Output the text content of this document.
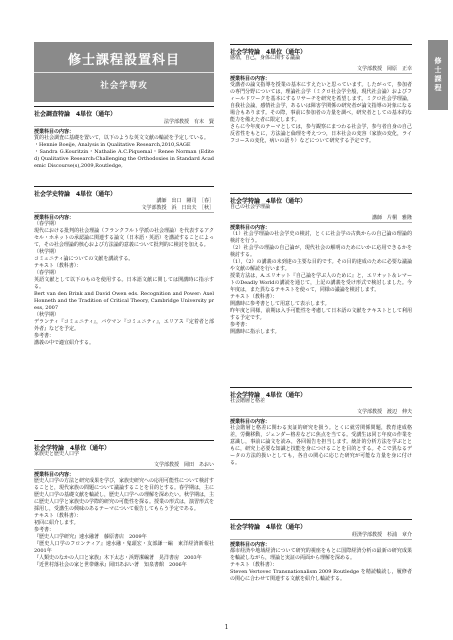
修士課程設置科目
社会学専攻	修士課程
社会調査特論　4単位（通年）
法学部教授　有末　賢
授業科目の内容：

質的社会調査に基礎を置いて，以下のような英文文献の輪読を予定している。

・Hennie Boeije, Analysis in Qualitative Research,2010,SAGE

・Sandra G.Kouritzin・Nathalie A.C.Piquemal・Renee Norman (Edited) Qualitative Research:Challenging the Orthodoxies in Standard Academic Discourse(s),2009,Routledge,

社会学史特論　4単位（通年）
講師　出口　剛司　［春］
文学部教授　浜　日出夫　［秋］
授業科目の内容：

（春学期）

現代における批判的社会理論（フランクフルト学派の社会理論）を代表するアクセル・ホネットの承認論に関連する論文（日本語・英語）を講読することによって，その社会理論的核心および方法論的意義について批判的に検討を加える。

（秋学期）

コミュニティ論についての文献を講読する。

テキスト（教科書）：

（春学期）

英語文献として以下のものを使用する。日本語文献に関しては開講時に指示する。

Bert van den Brink and David Owen eds. Recognition and Power: Axel Honneth and the Tradition of Critical Theory, Cambridge University press, 2007

（秋学期）

デランティ『コミュニティ』，バウマン『コミュニティ』，エリアス『定着者と部外者』などを予定。

参考書：

講義の中で適宜紹介する。

社会学特論　4単位（通年）
家族史と歴史人口学
文学部教授　岡田　あおい
授業科目の内容：

歴史人口学の方法と研究成果を学び，家族史研究への応用可能性について検討することと，現代家族の問題について議論することを目的とする。春学期は，主に歴史人口学の基礎文献を輪読し，歴史人口学への理解を深めたい。秋学期は，主に歴史人口学と家族史の学際的研究の可能性を探る。授業の形式は，演習形式を採用し，受講生の興味のあるテーマについて報告してもらう予定である。

テキスト（教科書）：

初回に紹介します。

参考書：

『歴史人口学研究』速水融著　藤原書店　2009年

『歴史人口学のフロンティア』速水融・鬼頭宏・友部謙一編　東洋経済新報社　2001年

『人類史のなかの人口と家族』木下太志・浜野潔編著　晃洋書房　2003年

『近世村落社会の家と世帯継承』岡田あおい著　知泉書館　2006年

社会学特論　4単位（通年）
感情，自己，身体に関する議論
文学部教授　岡原　正幸
授業科目の内容：

受講者の論文指導を授業の基本にすえたいと思っています。したがって，参加者の専門分野については，理論社会学（ミクロ社会学全般，現代社会論）およびフィールドワークを基本にするリサーチを研究を希望します。ミクロ社会学理論，自我社会論，感情社会学，あるいは障害学関係の研究者が論文指導の対象になる場合もあります。その際，事前に参加者の力量を調べ，研究者としての基本的な能力を備えた者に限定します。

さらに今年度のテーマとしては，参与観察にまつわる社会学，参与者自身の自己反省性をもとに，方法論と倫理を考えつつ，日本社会の変容（家族の変化，ライフコースの変化，病いの語り）などについて研究する予定です。

社会学特論　4単位（通年）
自己の社会学理論
講師　片桐　雅隆
授業科目の内容：

（1）社会学理論の社会学史の検討，とくに社会学の古典からの自己論の理論的検討を行う。

（2）社会学の理論の自己論が，現代社会の解明のためにいかに応用できるかを検討する。

（1），（2）の講義の未到達の主要な目的です。その目的達成のために必要な議論や文献の解読を行います。

授業方法は，A.エリオット『自己論を学ぶ人のために』と，エリオット＆レマートのDeadly Worldの講読を通じて，上記の講義を受け形式で検討しました。今年度は，また異なるテキストを使って，同様の議論を検討します。

テキスト（教科書）：

開講時に参考書として用意して表示します。

昨年度と同様，前期は入手可能性を考慮して日本語の文献をテキストとして利用する予定です。

参考書：

開講時に指示します。

社会学特論　4単位（通年）
社会階層と格差
文学部教授　渡辺　伸夫
授業科目の内容：

社会階層と格差に関わる実証的研究を扱う。とくに就労関係問題，教育達成格差，労働移動，ジェンダー格差などに焦点を当てる。受講生は同じ年度の作業を意識し，事前に論文を読み，各回報告を担当します。統計的分析方法を学ぶとともに，研究上必要な知識と技能を身につけることを目的とする。そこで異なるデータの方法的扱いとしても，各自の関心に応じた研究が可能な力量を身に付ける。

社会学特論　4単位（通年）
経済学部教授　杉浦　章介
授業科目の内容：

都市経済や地域経済について研究的視座をもとに国際経済分析の最新の研究成果を輪読しながら，理論と実証の両面から理解を深める。

テキスト（教科書）：

Steven Vertovec Transnationalism 2009 Routledge を精読輪読し，履修者の関心に合わせて関連する文献を紹介し輪読する。

1
